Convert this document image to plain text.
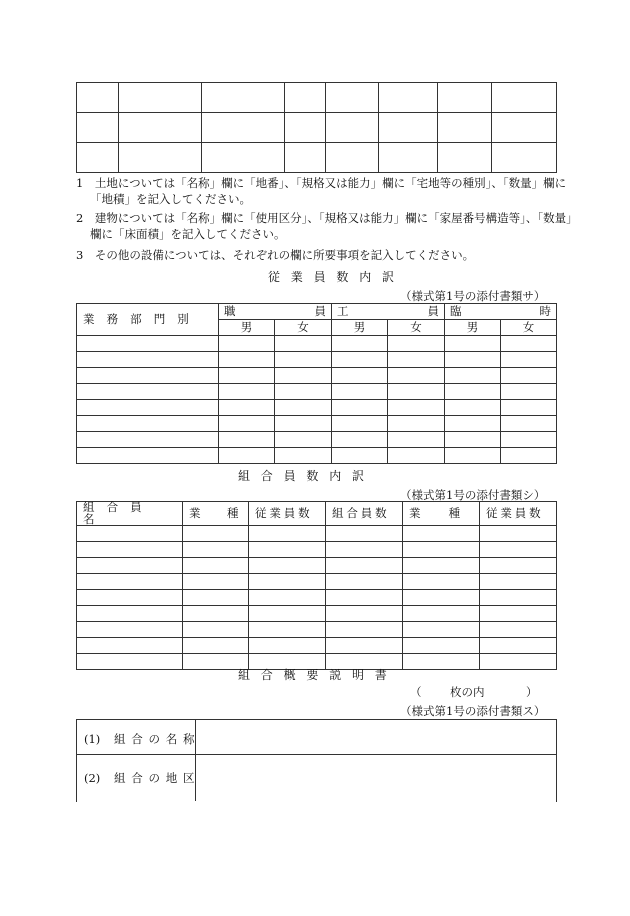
1　土地については「名称」欄に「地番」、「規格又は能力」欄に「宅地等の種別」、「数量」欄に「地積」を記入してください。
2　建物については「名称」欄に「使用区分」、「規格又は能力」欄に「家屋番号構造等」、「数量」欄に「床面積」を記入してください。
3　その他の設備については、それぞれの欄に所要事項を記入してください。
従業員数内訳
（様式第1号の添付書類サ）
業務部門別	職 員		工 員		臨 時	

	男	女	男	女	男	女

組合員数内訳
（様式第1号の添付書類シ）
組合員名	業　　種	従業員数	組合員数	業　　種	従業員数

組合概要説明書
（ 枚の内	）
（様式第1号の添付書類ス）
(1) 組合の名称
(2) 組合の地区
